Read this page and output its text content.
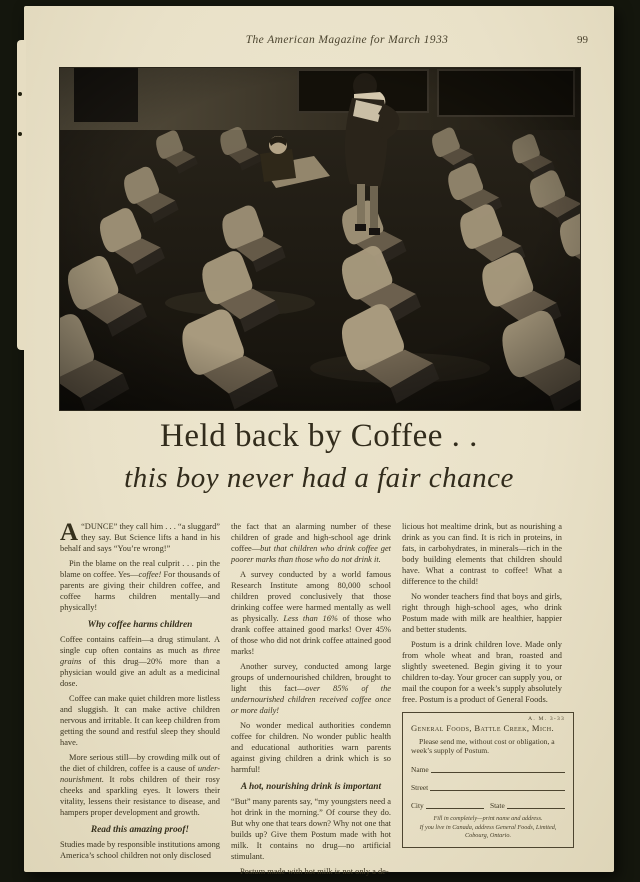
The American Magazine for March 1933	99
Held back by Coffee . .
this boy never had a fair chance

A “DUNCE” they call him . . . “a sluggard” they say. But Science lifts a hand in his behalf and says “You’re wrong!”

Pin the blame on the real culprit . . . pin the blame on coffee. Yes—coffee! For thousands of parents are giving their children coffee, and coffee harms children mentally—and physically!

Why coffee harms children

Coffee contains caffein—a drug stimulant. A single cup often contains as much as three grains of this drug—20% more than a physician would give an adult as a medicinal dose.

Coffee can make quiet children more listless and sluggish. It can make active children nervous and irritable. It can keep children from getting the sound and restful sleep they should have.

More serious still—by crowding milk out of the diet of children, coffee is a cause of under-nourishment. It robs children of their rosy cheeks and sparkling eyes. It lowers their vitality, lessens their resistance to disease, and hampers proper development and growth.

Read this amazing proof!

Studies made by responsible institutions among America’s school children not only disclosed

the fact that an alarming number of these children of grade and high-school age drink coffee—but that children who drink coffee get poorer marks than those who do not drink it.

A survey conducted by a world famous Research Institute among 80,000 school children proved conclusively that those drinking coffee were harmed mentally as well as physically. Less than 16% of those who drank coffee attained good marks! Over 45% of those who did not drink coffee attained good marks!

Another survey, conducted among large groups of undernourished children, brought to light this fact—over 85% of the undernourished children received coffee once or more daily!

No wonder medical authorities condemn coffee for children. No wonder public health and educational authorities warn parents against giving children a drink which is so harmful!

A hot, nourishing drink is important

“But” many parents say, “my youngsters need a hot drink in the morning.” Of course they do. But why one that tears down? Why not one that builds up? Give them Postum made with hot milk. It contains no drug—no artificial stimulant.

Postum made with hot milk is not only a de-

licious hot mealtime drink, but as nourishing a drink as you can find. It is rich in proteins, in fats, in carbohydrates, in minerals—rich in the body building elements that children should have. What a contrast to coffee! What a difference to the child!

No wonder teachers find that boys and girls, right through high-school ages, who drink Postum made with milk are healthier, happier and better students.

Postum is a drink children love. Made only from whole wheat and bran, roasted and slightly sweetened. Begin giving it to your children to-day. Your grocer can supply you, or mail the coupon for a week’s supply absolutely free. Postum is a product of General Foods.

A. M. 3-33
General Foods, Battle Creek, Mich.
Please send me, without cost or obligation, a week’s supply of Postum.
Name
Street
City	State
Fill in completely—print name and address.
If you live in Canada, address General Foods, Limited, Cobourg, Ontario.
